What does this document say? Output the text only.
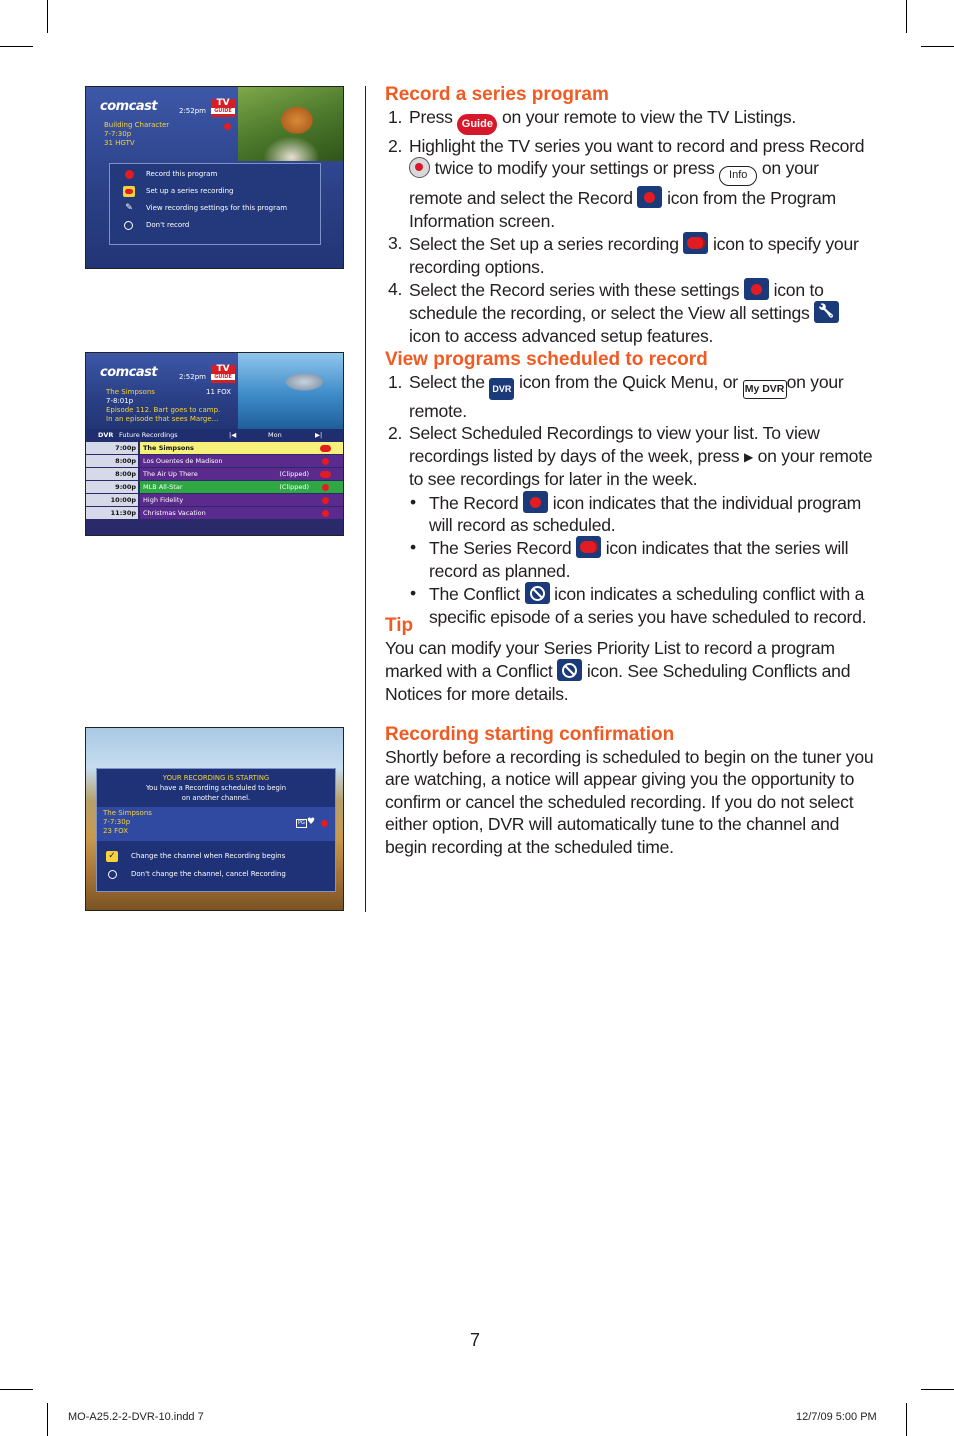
comcast	2:52pm
TV
GUIDE
Building Character
7-7:30p
31 HGTV
Record this program
Set up a series recording
✎	View recording settings for this program
Don't record
comcast	2:52pm
TV
GUIDE
The Simpsons	11 FOX
7-8:01p
Episode 112. Bart goes to camp.
In an episode that sees Marge...
DVR Future Recordings	|◀	Mon	▶|
7:00p	The Simpsons
8:00p	Los Ouentes de Madison
8:00p	The Air Up There	(Clipped)
9:00p	MLB All-Star	(Clipped)
10:00p	High Fidelity
11:30p	Christmas Vacation
YOUR RECORDING IS STARTING
You have a Recording scheduled to begin
on another channel.
The Simpsons
7-7:30p
23 FOX
PG ♥
✓	Change the channel when Recording begins
Don't change the channel, cancel Recording
Record a series program
1. Press Guide on your remote to view the TV Listings.
2. Highlight the TV series you want to record and press Record  twice to modify your settings or press Info on your remote and select the Record icon from the Program Information screen.
3. Select the Set up a series recording icon to specify your recording options.
4. Select the Record series with these settings icon to schedule the recording, or select the View all settings 🔧 icon to access advanced setup features.
View programs scheduled to record
1. Select the DVR icon from the Quick Menu, or My DVR on your remote.
2. Select Scheduled Recordings to view your list. To view recordings listed by days of the week, press ▶ on your remote to see recordings for later in the week.
• The Record icon indicates that the individual program will record as scheduled.
• The Series Record icon indicates that the series will record as planned.
• The Conflict icon indicates a scheduling conflict with a specific episode of a series you have scheduled to record.
Tip

You can modify your Series Priority List to record a program marked with a Conflict icon. See Scheduling Conflicts and Notices for more details.

Recording starting confirmation

Shortly before a recording is scheduled to begin on the tuner you are watching, a notice will appear giving you the opportunity to confirm or cancel the scheduled recording. If you do not select either option, DVR will automatically tune to the channel and begin recording at the scheduled time.

7
MO-A25.2-2-DVR-10.indd 7	12/7/09 5:00 PM
